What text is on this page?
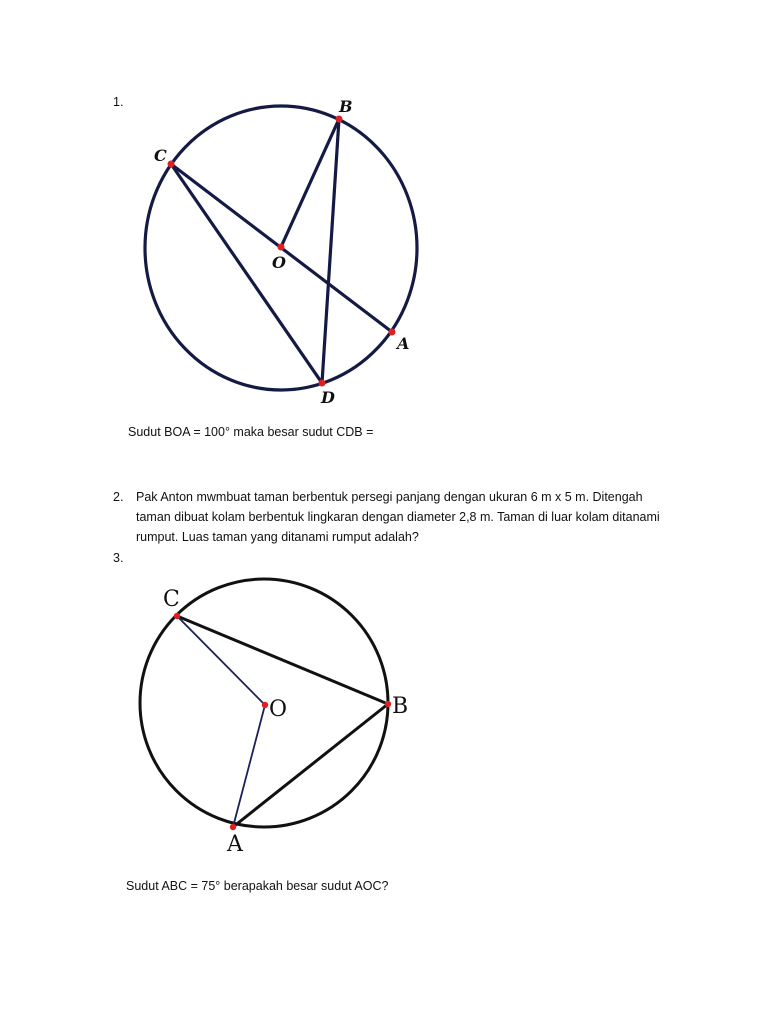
1.	B
C
O
A
D
Sudut BOA = 100° maka besar sudut CDB =
2. Pak Anton mwmbuat taman berbentuk persegi panjang dengan ukuran 6 m x 5 m. Ditengah
taman dibuat kolam berbentuk lingkaran dengan diameter 2,8 m. Taman di luar kolam ditanami
rumput. Luas taman yang ditanami rumput adalah?
3.
C
O	B
A
Sudut ABC = 75° berapakah besar sudut AOC?
